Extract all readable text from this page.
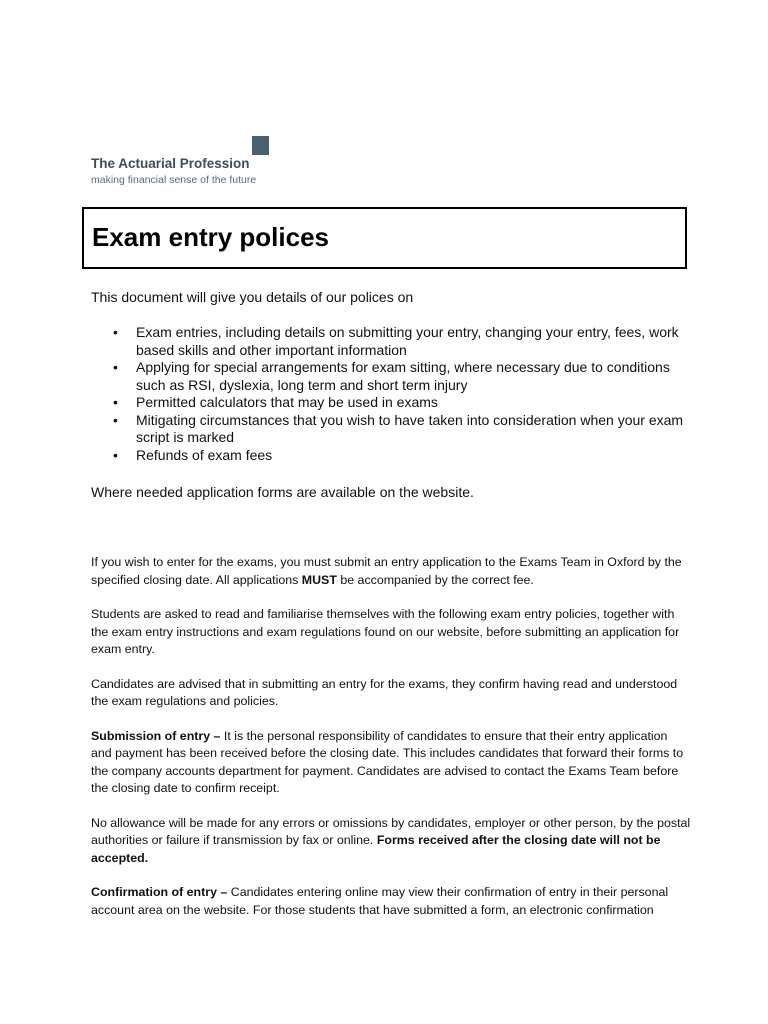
The Actuarial Profession
making financial sense of the future
Exam entry polices
This document will give you details of our polices on
• Exam entries, including details on submitting your entry, changing your entry, fees, work based skills and other important information
• Applying for special arrangements for exam sitting, where necessary due to conditions such as RSI, dyslexia, long term and short term injury
• Permitted calculators that may be used in exams
• Mitigating circumstances that you wish to have taken into consideration when your exam script is marked
• Refunds of exam fees
Where needed application forms are available on the website.

If you wish to enter for the exams, you must submit an entry application to the Exams Team in Oxford by the specified closing date. All applications MUST be accompanied by the correct fee.

Students are asked to read and familiarise themselves with the following exam entry policies, together with the exam entry instructions and exam regulations found on our website, before submitting an application for exam entry.

Candidates are advised that in submitting an entry for the exams, they confirm having read and understood the exam regulations and policies.

Submission of entry – It is the personal responsibility of candidates to ensure that their entry application and payment has been received before the closing date. This includes candidates that forward their forms to the company accounts department for payment. Candidates are advised to contact the Exams Team before the closing date to confirm receipt.

No allowance will be made for any errors or omissions by candidates, employer or other person, by the postal authorities or failure if transmission by fax or online. Forms received after the closing date will not be accepted.

Confirmation of entry – Candidates entering online may view their confirmation of entry in their personal account area on the website. For those students that have submitted a form, an electronic confirmation
